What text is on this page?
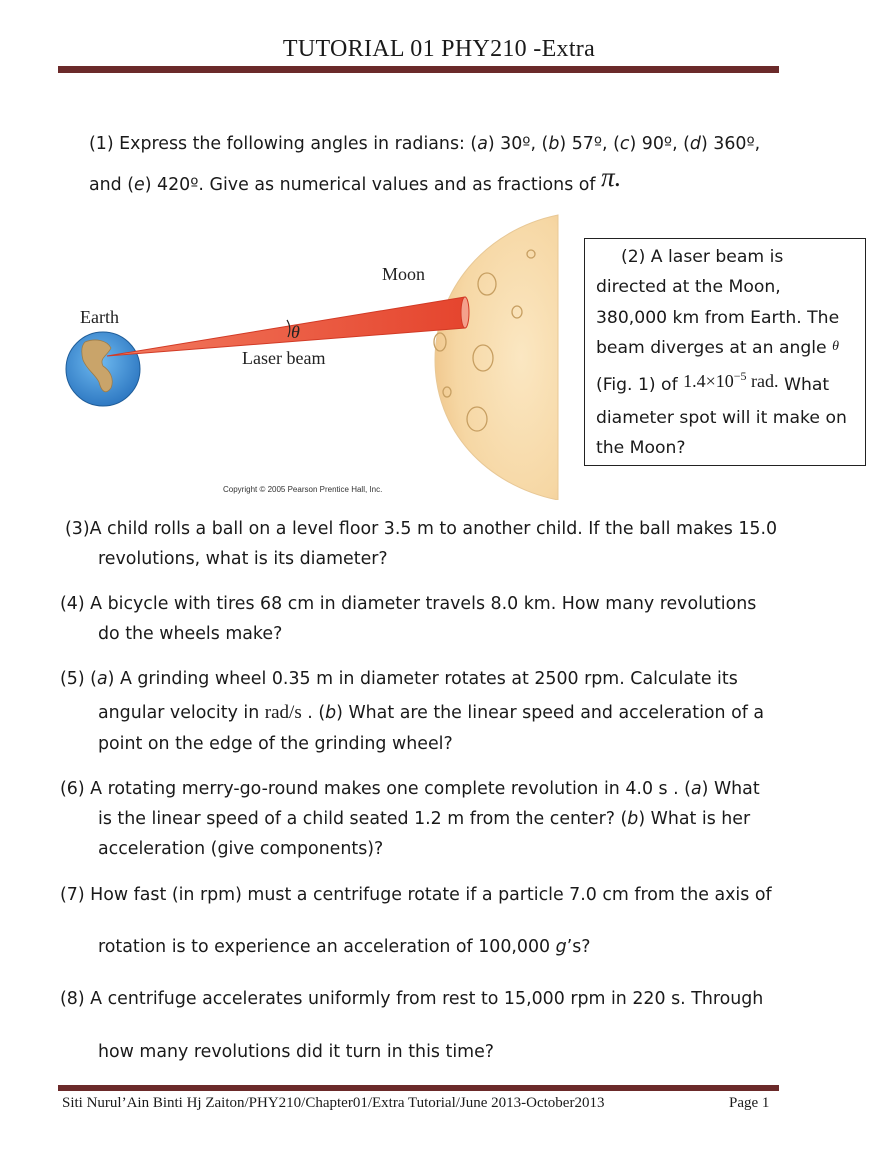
TUTORIAL 01 PHY210 -Extra
(1) Express the following angles in radians: (a) 30º, (b) 57º, (c) 90º, (d) 360º,
and (e) 420º. Give as numerical values and as fractions of π.
Earth
Moon
θ
Laser beam
Copyright © 2005 Pearson Prentice Hall, Inc.
(2) A laser beam is
directed at the Moon,
380,000 km from Earth. The
beam diverges at an angle θ
(Fig. 1) of $1.4\times 10^{-5}$ rad. What
diameter spot will it make on
the Moon?
(3)A child rolls a ball on a level floor 3.5 m to another child. If the ball makes 15.0
revolutions, what is its diameter?
(4) A bicycle with tires 68 cm in diameter travels 8.0 km. How many revolutions
do the wheels make?
(5) (a) A grinding wheel 0.35 m in diameter rotates at 2500 rpm. Calculate its
angular velocity in rad/s . (b) What are the linear speed and acceleration of a
point on the edge of the grinding wheel?
(6) A rotating merry-go-round makes one complete revolution in 4.0 s . (a) What
is the linear speed of a child seated 1.2 m from the center? (b) What is her
acceleration (give components)?
(7) How fast (in rpm) must a centrifuge rotate if a particle 7.0 cm from the axis of
rotation is to experience an acceleration of 100,000 g’s?
(8) A centrifuge accelerates uniformly from rest to 15,000 rpm in 220 s. Through
how many revolutions did it turn in this time?
Siti Nurul’Ain Binti Hj Zaiton/PHY210/Chapter01/Extra Tutorial/June 2013-October2013	Page 1
